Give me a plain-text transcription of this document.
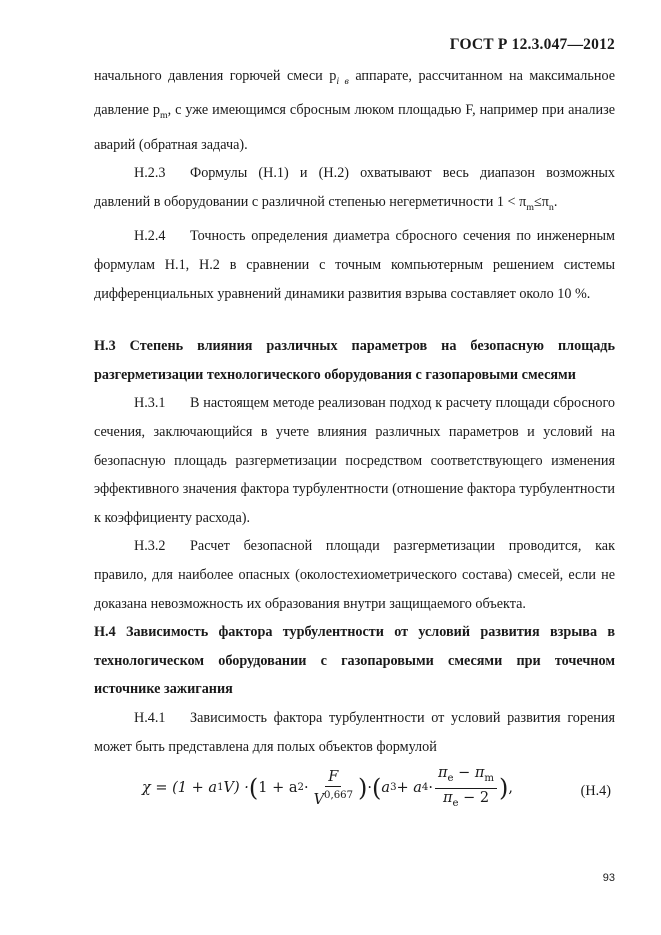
ГОСТ Р 12.3.047—2012

начального давления горючей смеси $p_{i в}$ аппарате, рассчитанном на максимальное давление $p_m$, с уже имеющимся сбросным люком площадью F, например при анализе аварий (обратная задача).

Н.2.3 Формулы (Н.1) и (Н.2) охватывают весь диапазон возможных давлений в оборудовании с различной степенью негерметичности $1 < \pi_m\le\pi_n$.

Н.2.4 Точность определения диаметра сбросного сечения по инженерным формулам Н.1, Н.2 в сравнении с точным компьютерным решением системы дифференциальных уравнений динамики развития взрыва составляет около 10 %.

Н.3 Степень влияния различных параметров на безопасную площадь разгерметизации технологического оборудования с газопаровыми смесями

Н.3.1 В настоящем методе реализован подход к расчету площади сбросного сечения, заключающийся в учете влияния различных параметров и условий на безопасную площадь разгерметизации посредством соответствующего изменения эффективного значения фактора турбулентности (отношение фактора турбулентности к коэффициенту расхода).

Н.3.2 Расчет безопасной площади разгерметизации проводится, как правило, для наиболее опасных (околостехиометрического состава) смесей, если не доказана невозможность их образования внутри защищаемого объекта.

Н.4 Зависимость фактора турбулентности от условий развития взрыва в технологическом оборудовании с газопаровыми смесями при точечном источнике зажигания

Н.4.1 Зависимость фактора турбулентности от условий развития горения может быть представлена для полых объектов формулой

χ = (1 + a 1 V) · ( 1 + a $2 \cdot \frac{F}{V^{0,667}}$ ) · ( a 3 + a $4 \cdot \frac{\pi_e - \pi_m}{\pi_e - 2}$ ) ,	(Н.4)
93
